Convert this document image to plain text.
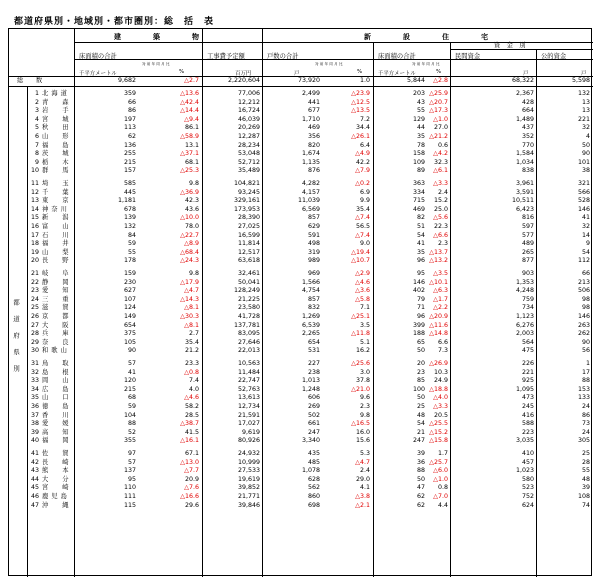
都道府県別・地域別・都市圏別：総　括　表
建　　築　　物	新　　設　　住　　宅
床面積の合計	工事費予定額	戸数の合計	床面積の合計
資　金　別
民間資金	公的資金
対前年同月比	対前年同月比	対前年同月比
千平方メートル	%	百万円	戸	%	千平方メートル	%	戸	戸
総　　数	9,682	△2.7	2,220,604	73,920	1.0	5,844	△2.8	68,322	5,598
都道府県別
1 北海道	359	△13.6	77,006	2,499	△23.9	203 △25.9	2,367	132
2 青森	66	△42.4	12,212	441	△12.5	43 △20.7	428	13
3 岩手	86	△14.4	16,724	677	△13.5	55 △17.3	664	13
4 宮城	197	△9.4	46,039	1,710	7.2	129	△1.0	1,489	221
5 秋田	113	86.1	20,269	469	34.4	44	27.0	437	32
6 山形	62	△58.9	12,287	356	△26.1	35 △21.2	352	4
7 福島	136	13.1	28,234	820	6.4	78	0.6	770	50
8 茨城	255	△37.1	53,048	1,674	△4.9	158	△4.2	1,584	90
9 栃木	215	68.1	52,712	1,135	42.2	109	32.3	1,034	101
10 群馬	157	△25.3	35,489	876	△7.9	89	△6.1	838	38
11 埼玉	585	9.8	104,821	4,282	△0.2	363	△3.3	3,961	321
12 千葉	445	△36.9	93,245	4,157	6.9	334	2.4	3,591	566
13 東京	1,181	42.3	329,161	11,039	9.9	715	15.2	10,511	528
14 神奈川	678	43.6	173,953	6,569	35.4	469	25.0	6,423	146
15 新潟	139	△10.0	28,390	857	△7.4	82	△5.6	816	41
16 富山	132	78.0	27,025	629	56.5	51	22.3	597	32
17 石川	84	△22.7	16,599	591	△7.4	54	△6.6	577	14
18 福井	59	△8.9	11,814	498	9.0	41	2.3	489	9
19 山梨	55	△68.4	12,517	319	△19.4	35 △13.7	265	54
20 長野	178	△24.3	63,618	989	△10.7	96 △13.2	877	112
21 岐阜	159	9.8	32,461	969	△2.9	95	△3.5	903	66
22 静岡	230	△17.9	50,041	1,566	△4.6	146 △10.1	1,353	213
23 愛知	627	△4.7	128,249	4,754	△3.6	402	△6.3	4,248	506
24 三重	107	△14.3	21,225	857	△5.8	79	△1.7	759	98
25 滋賀	124	△8.1	23,580	832	7.1	71	△2.2	734	98
26 京都	149	△30.3	41,728	1,269	△25.1	96 △20.9	1,123	146
27 大阪	654	△8.1	137,781	6,539	3.5	399 △11.6	6,276	263
28 兵庫	375	2.7	83,095	2,265	△11.8	188 △14.8	2,003	262
29 奈良	105	35.4	27,646	654	5.1	65	6.6	564	90
30 和歌山	90	21.2	22,013	531	16.2	50	7.3	475	56
31 鳥取	57	23.3	10,563	227	△25.6	20 △26.9	226	1
32 島根	41	△0.8	11,484	238	3.0	23	10.3	221	17
33 岡山	120	7.4	22,747	1,013	37.8	85	24.9	925	88
34 広島	215	4.0	52,763	1,248	△21.0	100 △18.8	1,095	153
35 山口	68	△4.6	13,613	606	9.6	50	△4.0	473	133
36 徳島	59	58.2	12,734	269	2.3	25	△3.3	245	24
37 香川	104	28.5	21,591	502	9.8	48	20.5	416	86
38 愛媛	88	△38.7	17,027	661	△16.5	54 △25.5	588	73
39 高知	52	41.5	9,619	247	16.0	21 △15.2	223	24
40 福岡	355	△16.1	80,926	3,340	15.6	247 △15.8	3,035	305
41 佐賀	97	67.1	24,932	435	5.3	39	1.7	410	25
42 長崎	57	△13.0	10,999	485	△4.7	36 △25.7	457	28
43 熊本	137	△7.7	27,533	1,078	2.4	88	△6.0	1,023	55
44 大分	95	20.9	19,619	628	29.0	50	△1.0	580	48
45 宮崎	110	△7.6	39,852	562	4.1	47	0.8	523	39
46 鹿児島	111	△16.6	21,771	860	△3.8	62	△7.0	752	108
47 沖縄	115	29.6	39,846	698	△2.1	62	4.4	624	74
